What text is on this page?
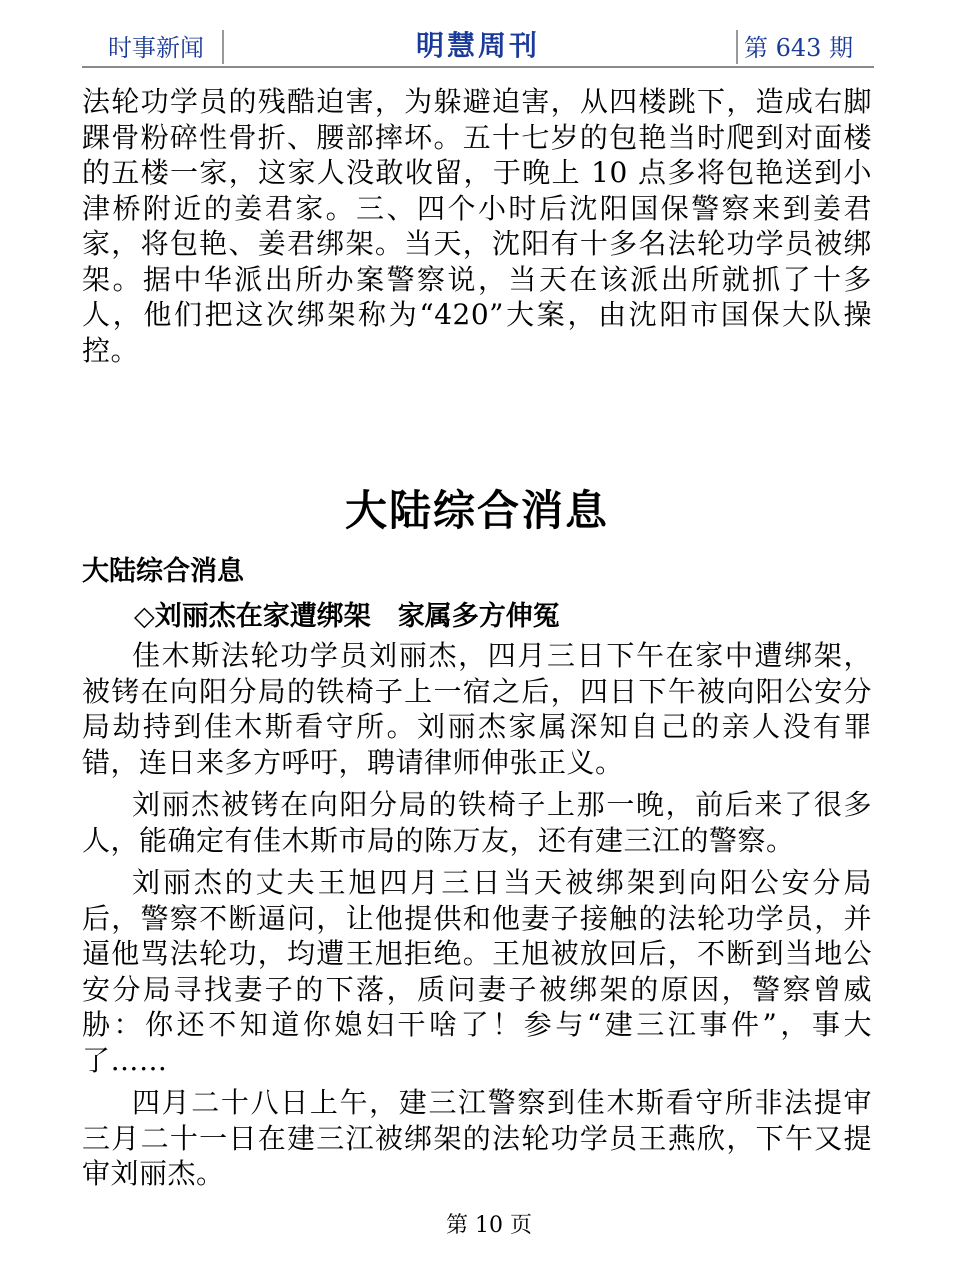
时事新闻	明慧周刊	第 643 期

法轮功学员的残酷迫害，为躲避迫害，从四楼跳下，造成右脚踝骨粉碎性骨折、腰部摔坏。五十七岁的包艳当时爬到对面楼的五楼一家，这家人没敢收留，于晚上 10 点多将包艳送到小津桥附近的姜君家。三、四个小时后沈阳国保警察来到姜君家，将包艳、姜君绑架。当天，沈阳有十多名法轮功学员被绑架。据中华派出所办案警察说，当天在该派出所就抓了十多人，他们把这次绑架称为“420”大案，由沈阳市国保大队操控。

大陆综合消息
大陆综合消息
◇刘丽杰在家遭绑架　家属多方伸冤

佳木斯法轮功学员刘丽杰，四月三日下午在家中遭绑架，被铐在向阳分局的铁椅子上一宿之后，四日下午被向阳公安分局劫持到佳木斯看守所。刘丽杰家属深知自己的亲人没有罪错，连日来多方呼吁，聘请律师伸张正义。

刘丽杰被铐在向阳分局的铁椅子上那一晚，前后来了很多人，能确定有佳木斯市局的陈万友，还有建三江的警察。

刘丽杰的丈夫王旭四月三日当天被绑架到向阳公安分局后，警察不断逼问，让他提供和他妻子接触的法轮功学员，并逼他骂法轮功，均遭王旭拒绝。王旭被放回后，不断到当地公安分局寻找妻子的下落，质问妻子被绑架的原因，警察曾威胁：你还不知道你媳妇干啥了！参与“建三江事件”，事大了……

四月二十八日上午，建三江警察到佳木斯看守所非法提审三月二十一日在建三江被绑架的法轮功学员王燕欣，下午又提审刘丽杰。

第 10 页
